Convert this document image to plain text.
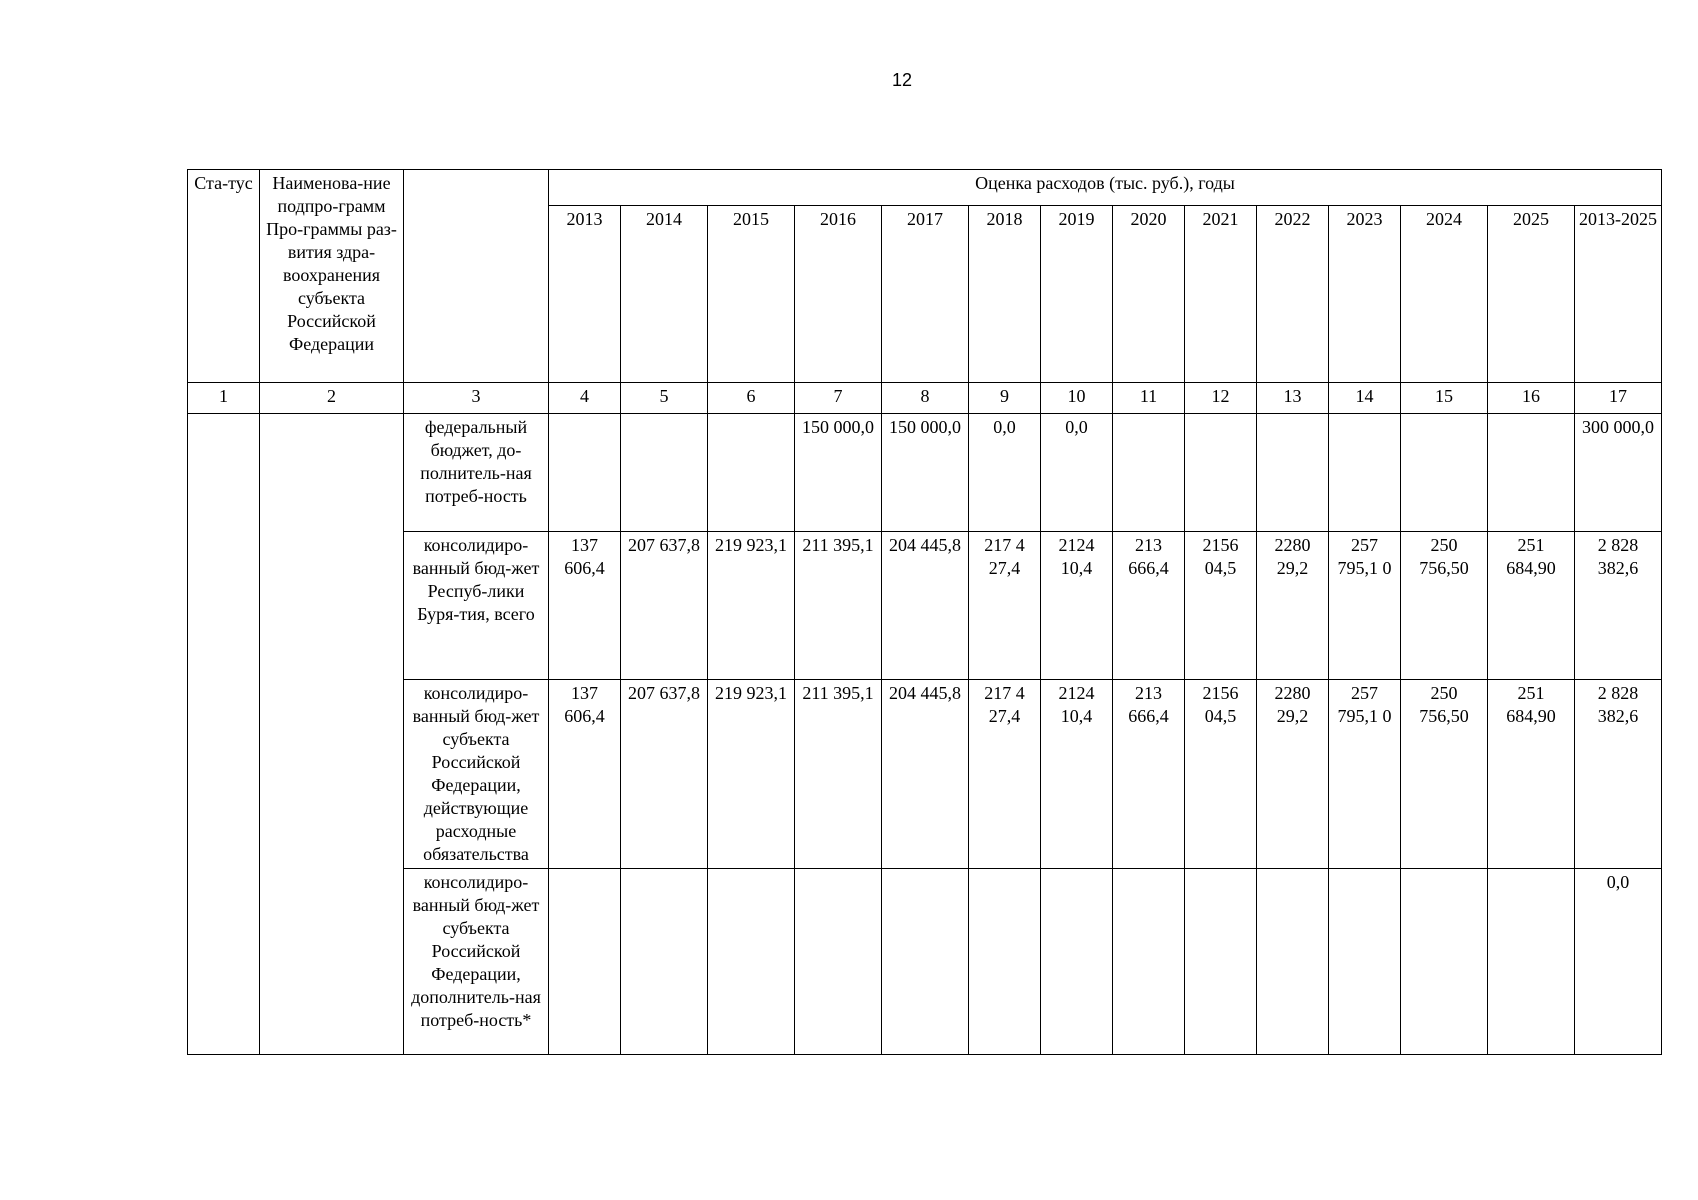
12
Ста-тус	Наименова-ние подпро-грамм Про-граммы раз-вития здра-воохранения субъекта Российской Федерации		Оценка расходов (тыс. руб.), годы													
			2013	2014	2015	2016	2017	2018	2019	2020	2021	2022	2023	2024	2025	2013-2025
1	2	3	4	5	6	7	8	9	10	11	12	13	14	15	16	17
		федеральный бюджет, до-полнитель-ная потреб-ность				150 000,0	150 000,0	0,0	0,0							300 000,0
		консолидиро-ванный бюд-жет Респуб-лики Буря-тия, всего	137 606,4	207 637,8	219 923,1	211 395,1	204 445,8	217 4 27,4	2124 10,4	213 666,4	2156 04,5	2280 29,2	257 795,1 0	250 756,50	251 684,90	2 828 382,6
		консолидиро-ванный бюд-жет субъекта Российской Федерации, действующие расходные обязательства	137 606,4	207 637,8	219 923,1	211 395,1	204 445,8	217 4 27,4	2124 10,4	213 666,4	2156 04,5	2280 29,2	257 795,1 0	250 756,50	251 684,90	2 828 382,6
		консолидиро-ванный бюд-жет субъекта Российской Федерации, дополнитель-ная потреб-ность*														0,0
